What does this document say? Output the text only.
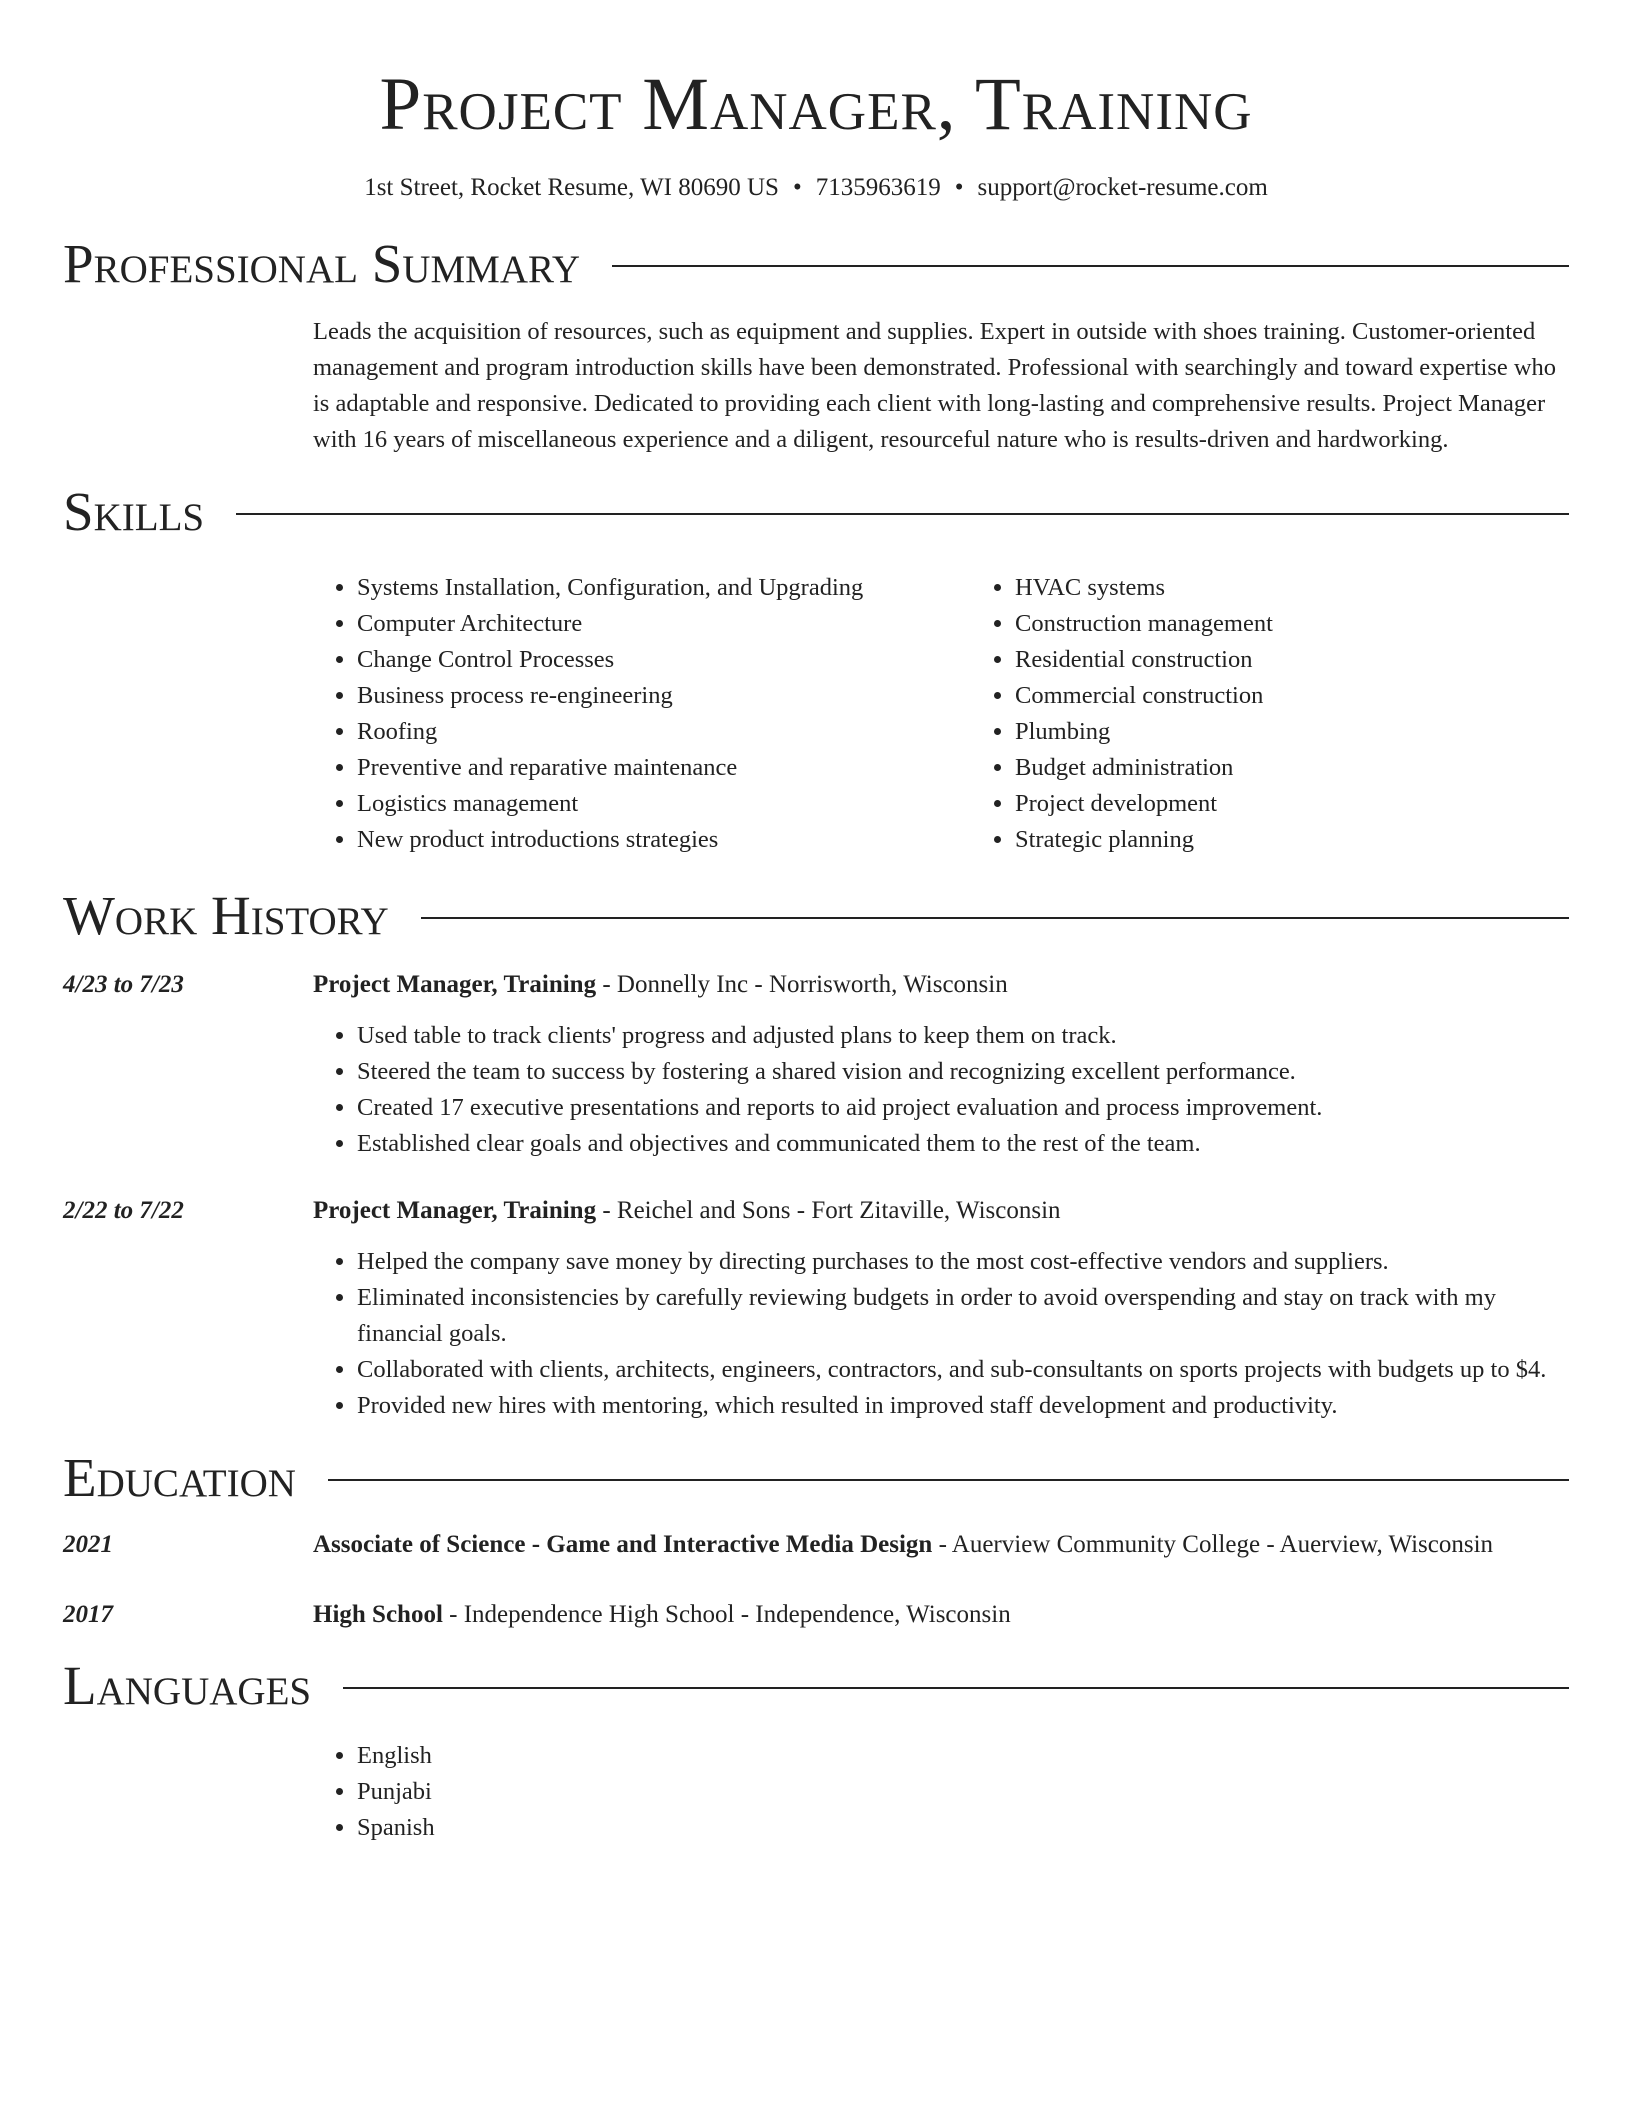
Project Manager, Training
1st Street, Rocket Resume, WI 80690 US • 7135963619 • support@rocket-resume.com
Professional Summary

Leads the acquisition of resources, such as equipment and supplies. Expert in outside with shoes training. Customer-oriented management and program introduction skills have been demonstrated. Professional with searchingly and toward expertise who is adaptable and responsive. Dedicated to providing each client with long-lasting and comprehensive results. Project Manager with 16 years of miscellaneous experience and a diligent, resourceful nature who is results-driven and hardworking.

Skills
• Systems Installation, Configuration, and Upgrading
• Computer Architecture
• Change Control Processes
• Business process re-engineering
• Roofing
• Preventive and reparative maintenance
• Logistics management
• New product introductions strategies
• HVAC systems
• Construction management
• Residential construction
• Commercial construction
• Plumbing
• Budget administration
• Project development
• Strategic planning
Work History
4/23 to 7/23	Project Manager, Training - Donnelly Inc - Norrisworth, Wisconsin
• Used table to track clients' progress and adjusted plans to keep them on track.
• Steered the team to success by fostering a shared vision and recognizing excellent performance.
• Created 17 executive presentations and reports to aid project evaluation and process improvement.
• Established clear goals and objectives and communicated them to the rest of the team.
2/22 to 7/22	Project Manager, Training - Reichel and Sons - Fort Zitaville, Wisconsin
• Helped the company save money by directing purchases to the most cost-effective vendors and suppliers.
• Eliminated inconsistencies by carefully reviewing budgets in order to avoid overspending and stay on track with my financial goals.
• Collaborated with clients, architects, engineers, contractors, and sub-consultants on sports projects with budgets up to $4.
• Provided new hires with mentoring, which resulted in improved staff development and productivity.
Education
2021	Associate of Science - Game and Interactive Media Design - Auerview Community College - Auerview, Wisconsin
2017	High School - Independence High School - Independence, Wisconsin
Languages
• English
• Punjabi
• Spanish
